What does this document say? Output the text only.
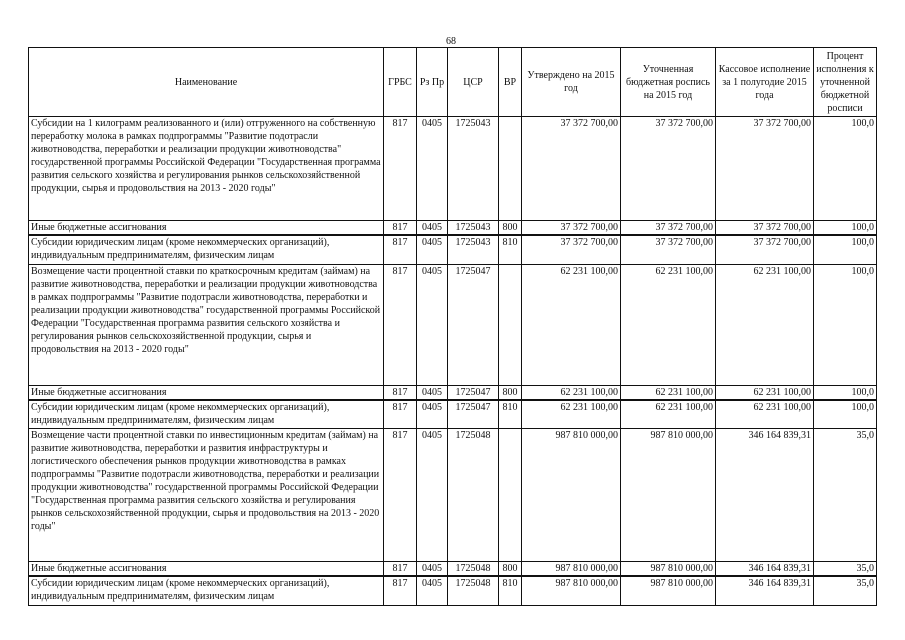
68
Наименование	ГРБС	Рз Пр	ЦСР	ВР	Утверждено на 2015 год	Уточненная бюджетная роспись на 2015 год	Кассовое исполнение за 1 полугодие 2015 года	Процент исполнения к уточненной бюджетной росписи
Субсидии на 1 килограмм реализованного и (или) отгруженного на собственную переработку молока в рамках подпрограммы "Развитие подотрасли животноводства, переработки и реализации продукции животноводства" государственной программы Российской Федерации "Государственная программа развития сельского хозяйства и регулирования рынков сельскохозяйственной продукции, сырья и продовольствия на 2013 - 2020 годы"	817	0405	1725043		37 372 700,00	37 372 700,00	37 372 700,00	100,0
Иные бюджетные ассигнования	817	0405	1725043	800	37 372 700,00	37 372 700,00	37 372 700,00	100,0
Субсидии юридическим лицам (кроме некоммерческих организаций), индивидуальным предпринимателям, физическим лицам	817	0405	1725043	810	37 372 700,00	37 372 700,00	37 372 700,00	100,0
Возмещение части процентной ставки по краткосрочным кредитам (займам) на развитие животноводства, переработки и реализации продукции животноводства в рамках подпрограммы "Развитие подотрасли животноводства, переработки и реализации продукции животноводства" государственной программы Российской Федерации "Государственная программа развития сельского хозяйства и регулирования рынков сельскохозяйственной продукции, сырья и продовольствия на 2013 - 2020 годы"	817	0405	1725047		62 231 100,00	62 231 100,00	62 231 100,00	100,0
Иные бюджетные ассигнования	817	0405	1725047	800	62 231 100,00	62 231 100,00	62 231 100,00	100,0
Субсидии юридическим лицам (кроме некоммерческих организаций), индивидуальным предпринимателям, физическим лицам	817	0405	1725047	810	62 231 100,00	62 231 100,00	62 231 100,00	100,0
Возмещение части процентной ставки по инвестиционным кредитам (займам) на развитие животноводства, переработки и развития инфраструктуры и логистического обеспечения рынков продукции животноводства в рамках подпрограммы "Развитие подотрасли животноводства, переработки и реализации продукции животноводства" государственной программы Российской Федерации "Государственная программа развития сельского хозяйства и регулирования рынков сельскохозяйственной продукции, сырья и продовольствия на 2013 - 2020 годы"	817	0405	1725048		987 810 000,00	987 810 000,00	346 164 839,31	35,0
Иные бюджетные ассигнования	817	0405	1725048	800	987 810 000,00	987 810 000,00	346 164 839,31	35,0
Субсидии юридическим лицам (кроме некоммерческих организаций), индивидуальным предпринимателям, физическим лицам	817	0405	1725048	810	987 810 000,00	987 810 000,00	346 164 839,31	35,0
